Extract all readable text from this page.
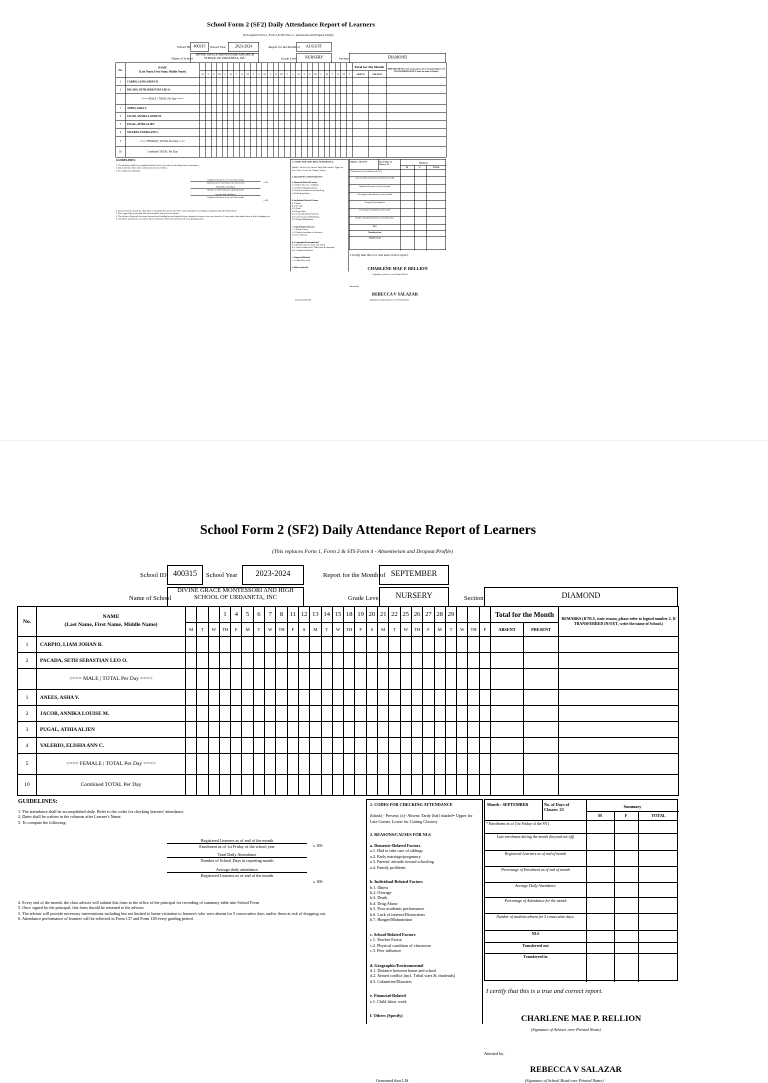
School Form 2 (SF2) Daily Attendance Report of Learners
(This replaces Form 1, Form 2 & STS Form 4 - Absenteeism and Dropout Profile)
School ID 400315 School Year	2023-2024	Report for the Month of AUGUST
Name of School
DIVINE GRACE MONTESSORI AND HIGH SCHOOL OF URDANETA, INC	Grade Level NURSERY	Section	DIAMOND
No.	NAME
(Last Name, First Name, Middle Name)																												Total for the Month		REMARKS (If NLS, state reason, please refer to legend number 2. If TRANSFERRED IN/OUT, write the name of School.)
		M	T	W	TH	F	M	T	W	TH	F	S	M	T	W	TH	F	S	M	T	W	TH	F	M	T	W	TH	F	ABSENT	PRESENT	
1	CARPIO, LIAM JOHAN B.																														
2	PACADA, SETH SEBASTIAN LEO O.																														
	<=== MALE | TOTAL Per Day ===>																														
1	ANEES, ASHA V.																														
2	JACOB, ANNIKA LOUISE M.																														
3	PUGAL, ATHIA ALJEN																														
4	VALERIO, ELISHA ANN C.																														
5	<=== FEMALE | TOTAL Per Day ===>																														
10	Combined TOTAL Per Day																														
GUIDELINES:
1. The attendance shall be accomplished daily. Refer to the codes for checking learners' attendance.
2. Dates shall be written in the columns after Learner's Name.
3. To compute the following:
Registered Learners as of end of the month
Enrolment as of 1st Friday of the school year
Total Daily Attendance
Number of School Days in reporting month
Average daily attendance
Registered Learners as of end of the month
x 100
x 100
4. Every end of the month, the class adviser will submit this form to the office of the principal for recording of summary table into School Form
5. Once signed by the principal, this form should be returned to the adviser.
5. The adviser will provide necessary interventions including but not limited to home visitation to learner/s who were absent for 5 consecutive days and/or those at risk of dropping out.
6. Attendance performance of learners will be reflected in Form 137 and Form 138 every grading period.
1. CODES FOR CHECKING ATTENDANCE
(blank) - Present; (x)- Absent; Tardy (half shaded= Upper for Late Comer, Lower for Cutting Classes)
2. REASONS/CAUSES FOR NLS
a. Domestic-Related Factors
a.1. Had to take care of siblings
a.2. Early marriage/pregnancy
a.3. Parents' attitude toward schooling
a.4. Family problems
b. Individual-Related Factors
b.1. Illness
b.2. Overage
b.3. Death
b.4. Drug Abuse
b.5. Poor academic performance
b.6. Lack of interest/Distractions
b.7. Hunger/Malnutrition
c. School-Related Factors
c.1. Teacher Factor
c.2. Physical condition of classroom
c.3. Peer influence
d. Geographic/Environmental
d.1. Distance between home and school
d.2. Armed conflict (incl. Tribal wars & clanfeuds)
d.3. Calamities/Disasters
e. Financial-Related
e.1. Child labor, work
f. Others (Specify)
Month : AUGUST	No. of Days of Classes: 23
Summary
M	F	TOTAL
* Enrolment as of (1st Friday of the SY)
Late enrolment during the month (beyond cut-off)
Registered Learners as of end of month
Percentage of Enrolment as of end of month
Average Daily Attendance
Percentage of Attendance for the month
Number of students absent for 5 consecutive days:
NLS
Transferred out
Transferred in
I certify that this is a true and correct report.
CHARLENE MAE P. RELLION
(Signature of Adviser over Printed Name)
Attested by:
REBECCA V SALAZAR
(Signature of School Head over Printed Name)
Generated thru LIS
School Form 2 (SF2) Daily Attendance Report of Learners
(This replaces Form 1, Form 2 & STS Form 4 - Absenteeism and Dropout Profile)
School ID 400315	School Year	2023-2024	Report for the Month of SEPTEMBER
Name of School
DIVINE GRACE MONTESSORI AND HIGH SCHOOL OF URDANETA, INC	Grade Level	NURSERY	Section	DIAMOND
No.	NAME
(Last Name, First Name, Middle Name)				1	4	5	6	7	8	11	12	13	14	15	18	19	20	21	22	25	26	27	28	29				Total for the Month		REMARKS (If NLS, state reason, please refer to legend number 2. If TRANSFERRED IN/OUT, write the name of School.)
		M	T	W	TH	F	M	T	W	TH	F	S	M	T	W	TH	F	S	M	T	W	TH	F	M	T	W	TH	F	ABSENT	PRESENT	
1	CARPIO, LIAM JOHAN B.																														
2	PACADA, SETH SEBASTIAN LEO O.																														
	<=== MALE | TOTAL Per Day ===>																														
1	ANEES, ASHA V.																														
2	JACOB, ANNIKA LOUISE M.																														
3	PUGAL, ATHIA ALJEN																														
4	VALERIO, ELISHA ANN C.																														
5	<=== FEMALE | TOTAL Per Day ===>																														
10	Combined TOTAL Per Day																														
GUIDELINES:
1. The attendance shall be accomplished daily. Refer to the codes for checking learners' attendance.
2. Dates shall be written in the columns after Learner's Name.
3. To compute the following:
Registered Learners as of end of the month
Enrolment as of 1st Friday of the school year
Total Daily Attendance
Number of School Days in reporting month
Average daily attendance
Registered Learners as of end of the month
x 100
x 100
4. Every end of the month, the class adviser will submit this form to the office of the principal for recording of summary table into School Form
5. Once signed by the principal, this form should be returned to the adviser.
5. The adviser will provide necessary interventions including but not limited to home visitation to learner/s who were absent for 5 consecutive days and/or those at risk of dropping out.
6. Attendance performance of learners will be reflected in Form 137 and Form 138 every grading period.
1. CODES FOR CHECKING ATTENDANCE
(blank) - Present; (x)- Absent; Tardy (half shaded= Upper for Late Comer, Lower for Cutting Classes)
2. REASONS/CAUSES FOR NLS
a. Domestic-Related Factors
a.1. Had to take care of siblings
a.2. Early marriage/pregnancy
a.3. Parents' attitude toward schooling
a.4. Family problems
b. Individual-Related Factors
b.1. Illness
b.2. Overage
b.3. Death
b.4. Drug Abuse
b.5. Poor academic performance
b.6. Lack of interest/Distractions
b.7. Hunger/Malnutrition
c. School-Related Factors
c.1. Teacher Factor
c.2. Physical condition of classroom
c.3. Peer influence
d. Geographic/Environmental
d.1. Distance between home and school
d.2. Armed conflict (incl. Tribal wars & clanfeuds)
d.3. Calamities/Disasters
e. Financial-Related
e.1. Child labor, work
f. Others (Specify)
Month : SEPTEMBER	No. of Days of Classes: 23
Summary
M	F	TOTAL
* Enrolment as of (1st Friday of the SY)
Late enrolment during the month (beyond cut-off)
Registered Learners as of end of month
Percentage of Enrolment as of end of month
Average Daily Attendance
Percentage of Attendance for the month
Number of students absent for 5 consecutive days:
NLS
Transferred out
Transferred in
I certify that this is a true and correct report.
CHARLENE MAE P. RELLION
(Signature of Adviser over Printed Name)
Attested by:
REBECCA V SALAZAR
(Signature of School Head over Printed Name)
Generated thru LIS
